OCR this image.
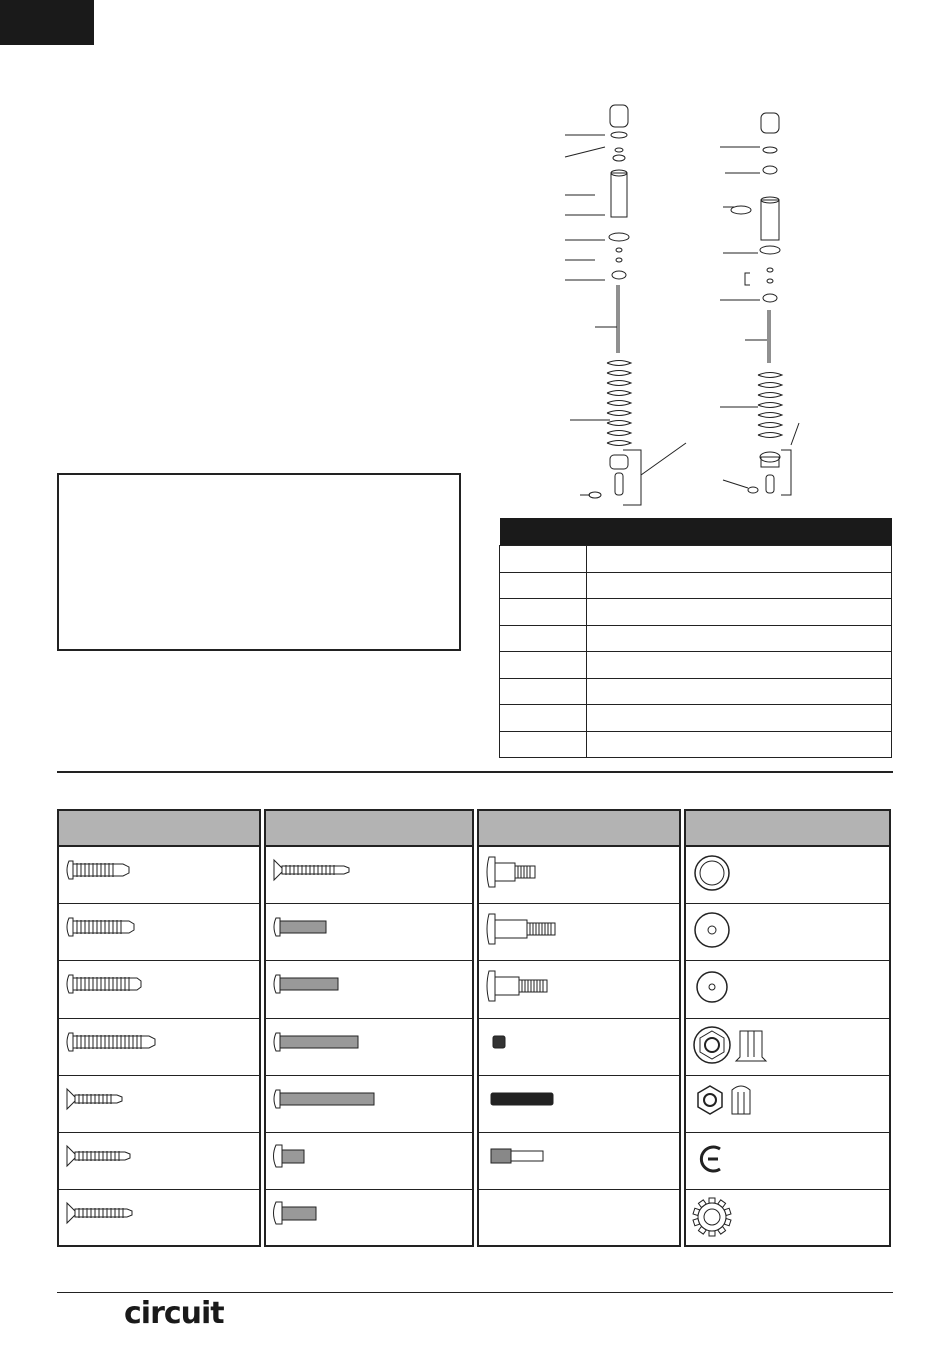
circuit
